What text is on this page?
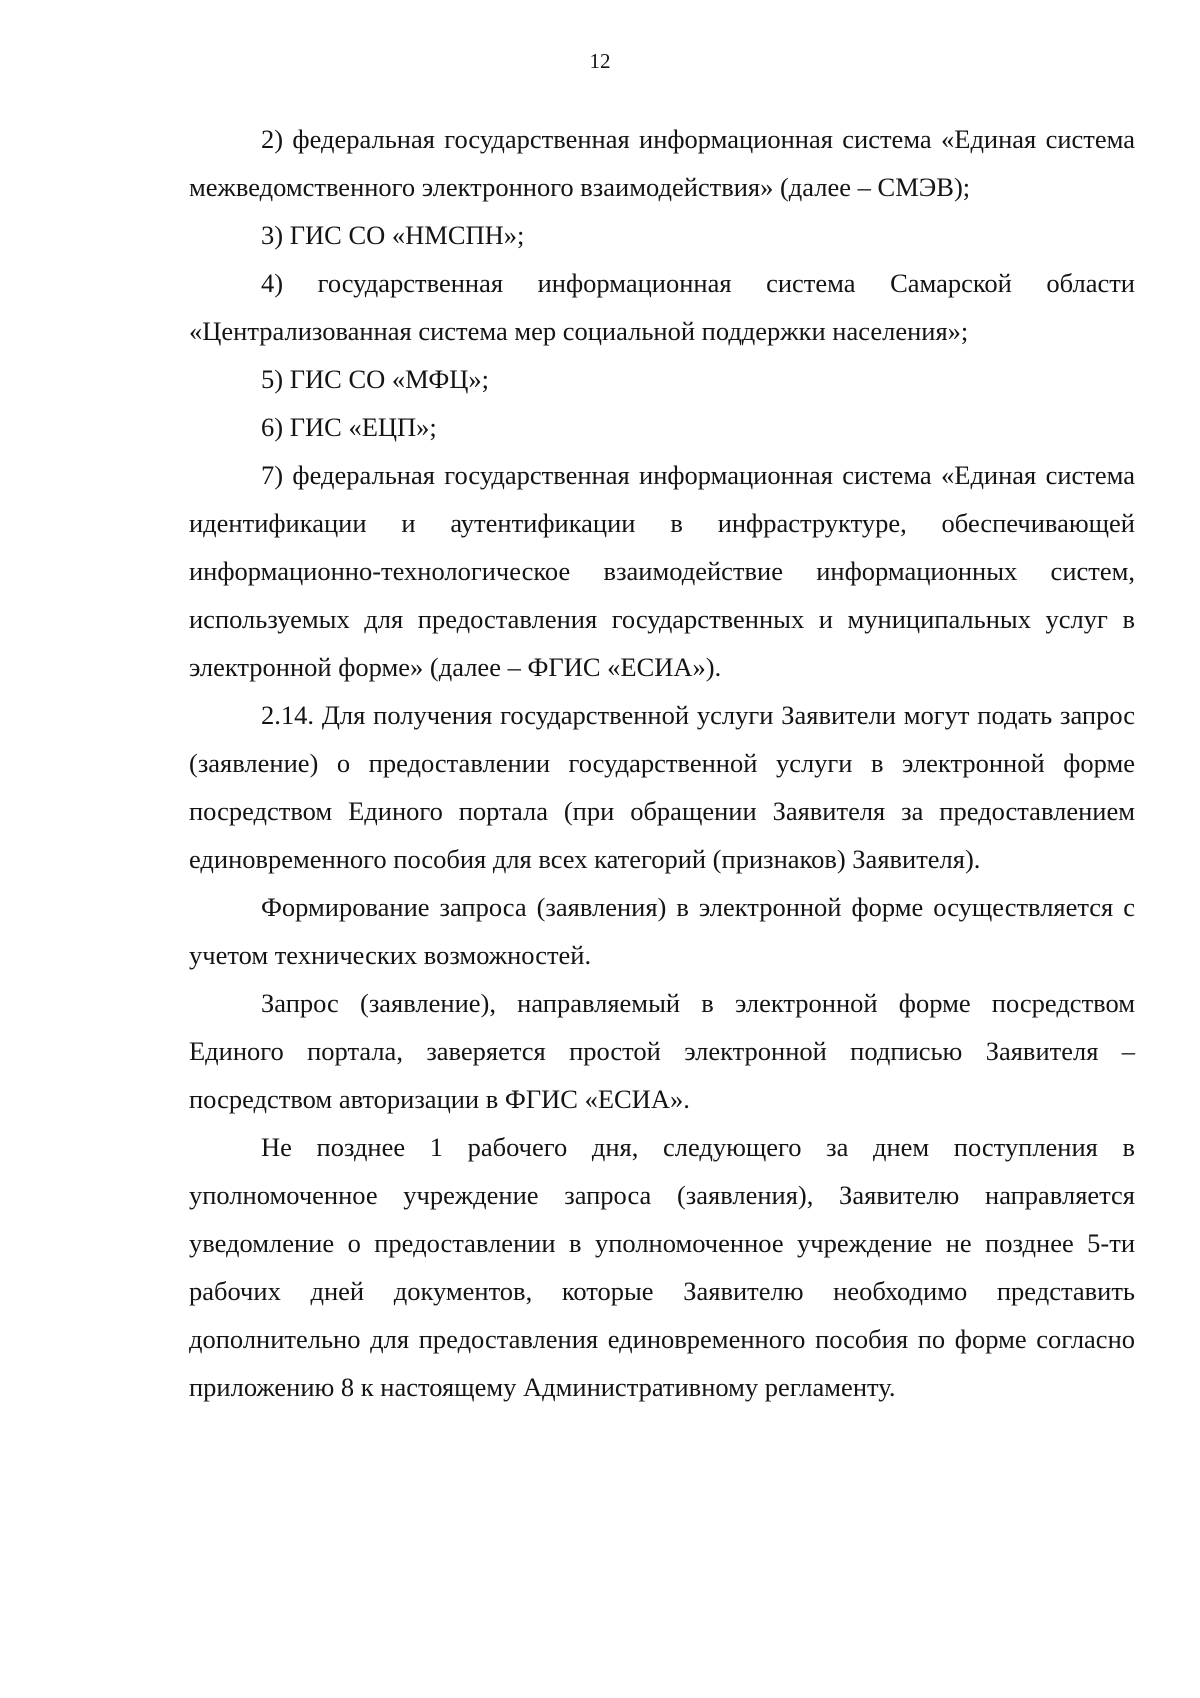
12

2) федеральная государственная информационная система «Единая система межведомственного электронного взаимодействия» (далее – СМЭВ);

3) ГИС СО «НМСПН»;

4) государственная информационная система Самарской области «Централизованная система мер социальной поддержки населения»;

5) ГИС СО «МФЦ»;

6) ГИС «ЕЦП»;

7) федеральная государственная информационная система «Единая система идентификации и аутентификации в инфраструктуре, обеспечивающей информационно-технологическое взаимодействие информационных систем, используемых для предоставления государственных и муниципальных услуг в электронной форме» (далее – ФГИС «ЕСИА»).

2.14. Для получения государственной услуги Заявители могут подать запрос (заявление) о предоставлении государственной услуги в электронной форме посредством Единого портала (при обращении Заявителя за предоставлением единовременного пособия для всех категорий (признаков) Заявителя).

Формирование запроса (заявления) в электронной форме осуществляется с учетом технических возможностей.

Запрос (заявление), направляемый в электронной форме посредством Единого портала, заверяется простой электронной подписью Заявителя – посредством авторизации в ФГИС «ЕСИА».

Не позднее 1 рабочего дня, следующего за днем поступления в уполномоченное учреждение запроса (заявления), Заявителю направляется уведомление о предоставлении в уполномоченное учреждение не позднее 5-ти рабочих дней документов, которые Заявителю необходимо представить дополнительно для предоставления единовременного пособия по форме согласно приложению 8 к настоящему Административному регламенту.
